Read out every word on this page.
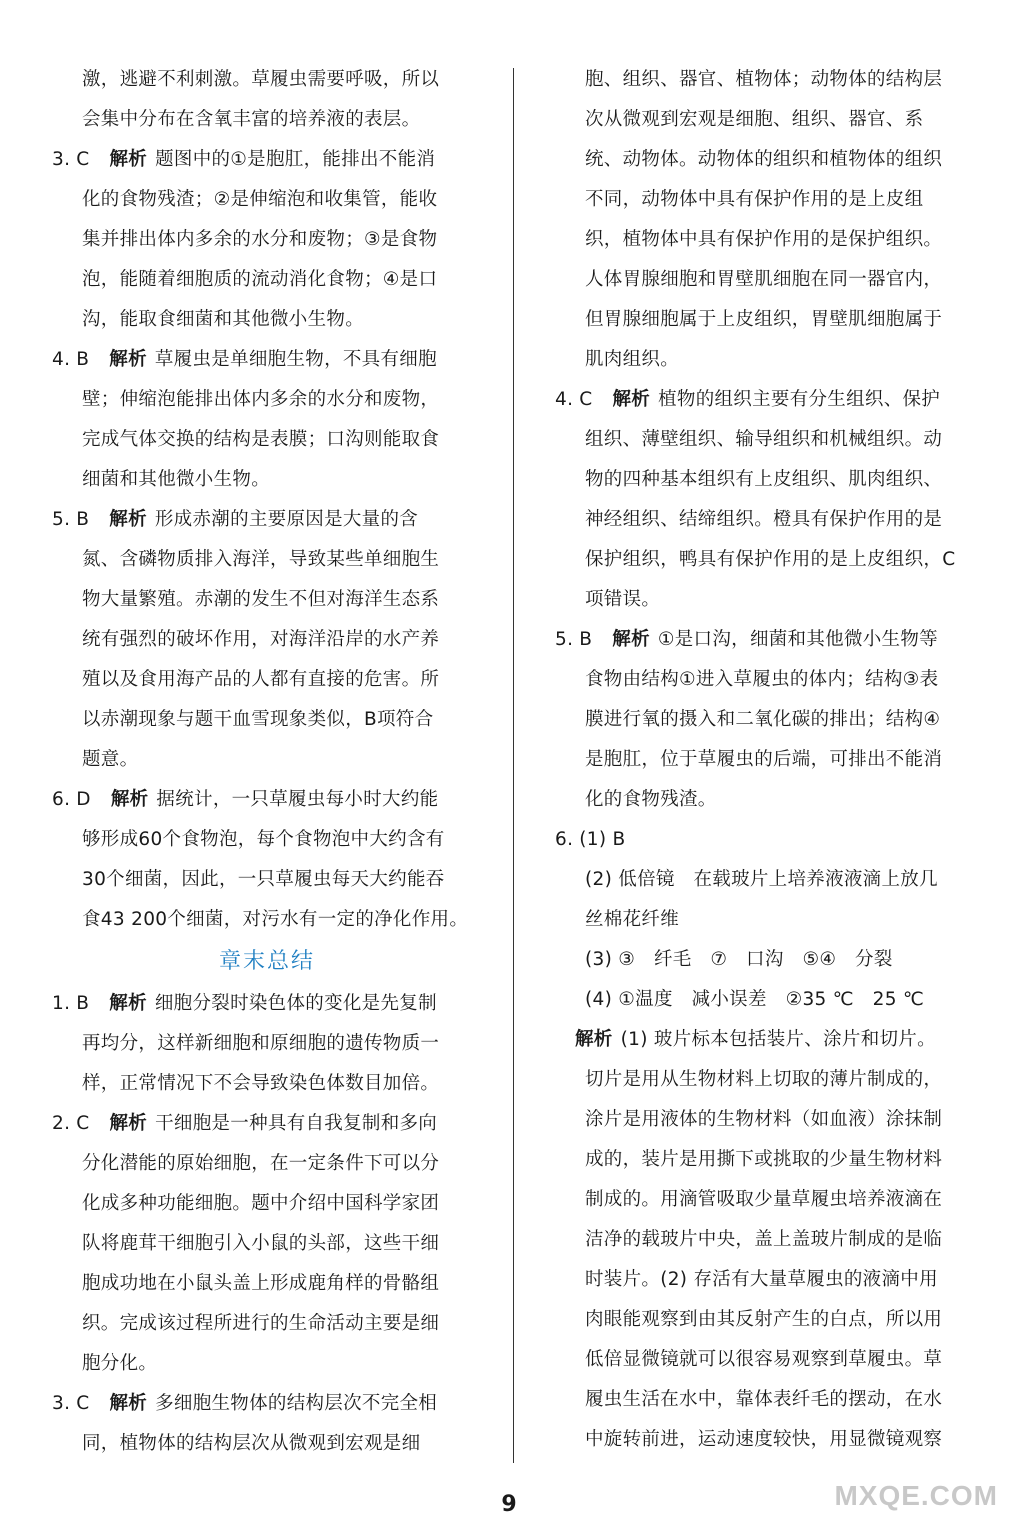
激，逃避不利刺激。草履虫需要呼吸，所以
会集中分布在含氧丰富的培养液的表层。
3. C 解析 题图中的①是胞肛，能排出不能消
化的食物残渣；②是伸缩泡和收集管，能收
集并排出体内多余的水分和废物；③是食物
泡，能随着细胞质的流动消化食物；④是口
沟，能取食细菌和其他微小生物。
4. B 解析 草履虫是单细胞生物，不具有细胞
壁；伸缩泡能排出体内多余的水分和废物，
完成气体交换的结构是表膜；口沟则能取食
细菌和其他微小生物。
5. B 解析 形成赤潮的主要原因是大量的含
氮、含磷物质排入海洋，导致某些单细胞生
物大量繁殖。赤潮的发生不但对海洋生态系
统有强烈的破坏作用，对海洋沿岸的水产养
殖以及食用海产品的人都有直接的危害。所
以赤潮现象与题干血雪现象类似，B项符合
题意。
6. D 解析 据统计，一只草履虫每小时大约能
够形成60个食物泡，每个食物泡中大约含有
30个细菌，因此，一只草履虫每天大约能吞
食43 200个细菌，对污水有一定的净化作用。
章末总结
1. B 解析 细胞分裂时染色体的变化是先复制
再均分，这样新细胞和原细胞的遗传物质一
样，正常情况下不会导致染色体数目加倍。
2. C 解析 干细胞是一种具有自我复制和多向
分化潜能的原始细胞，在一定条件下可以分
化成多种功能细胞。题中介绍中国科学家团
队将鹿茸干细胞引入小鼠的头部，这些干细
胞成功地在小鼠头盖上形成鹿角样的骨骼组
织。完成该过程所进行的生命活动主要是细
胞分化。
3. C 解析 多细胞生物体的结构层次不完全相
同，植物体的结构层次从微观到宏观是细
胞、组织、器官、植物体；动物体的结构层
次从微观到宏观是细胞、组织、器官、系
统、动物体。动物体的组织和植物体的组织
不同，动物体中具有保护作用的是上皮组
织，植物体中具有保护作用的是保护组织。
人体胃腺细胞和胃壁肌细胞在同一器官内，
但胃腺细胞属于上皮组织，胃壁肌细胞属于
肌肉组织。
4. C 解析 植物的组织主要有分生组织、保护
组织、薄壁组织、输导组织和机械组织。动
物的四种基本组织有上皮组织、肌肉组织、
神经组织、结缔组织。橙具有保护作用的是
保护组织，鸭具有保护作用的是上皮组织，C
项错误。
5. B 解析 ①是口沟，细菌和其他微小生物等
食物由结构①进入草履虫的体内；结构③表
膜进行氧的摄入和二氧化碳的排出；结构④
是胞肛，位于草履虫的后端，可排出不能消
化的食物残渣。
6. (1) B
(2) 低倍镜　在载玻片上培养液液滴上放几
丝棉花纤维
(3) ③　纤毛　⑦　口沟　⑤④　分裂
(4) ①温度　减小误差　②35 ℃　25 ℃
解析 (1) 玻片标本包括装片、涂片和切片。
切片是用从生物材料上切取的薄片制成的，
涂片是用液体的生物材料（如血液）涂抹制
成的，装片是用撕下或挑取的少量生物材料
制成的。用滴管吸取少量草履虫培养液滴在
洁净的载玻片中央，盖上盖玻片制成的是临
时装片。(2) 存活有大量草履虫的液滴中用
肉眼能观察到由其反射产生的白点，所以用
低倍显微镜就可以很容易观察到草履虫。草
履虫生活在水中，靠体表纤毛的摆动，在水
中旋转前进，运动速度较快，用显微镜观察
9	MXQE.COM
